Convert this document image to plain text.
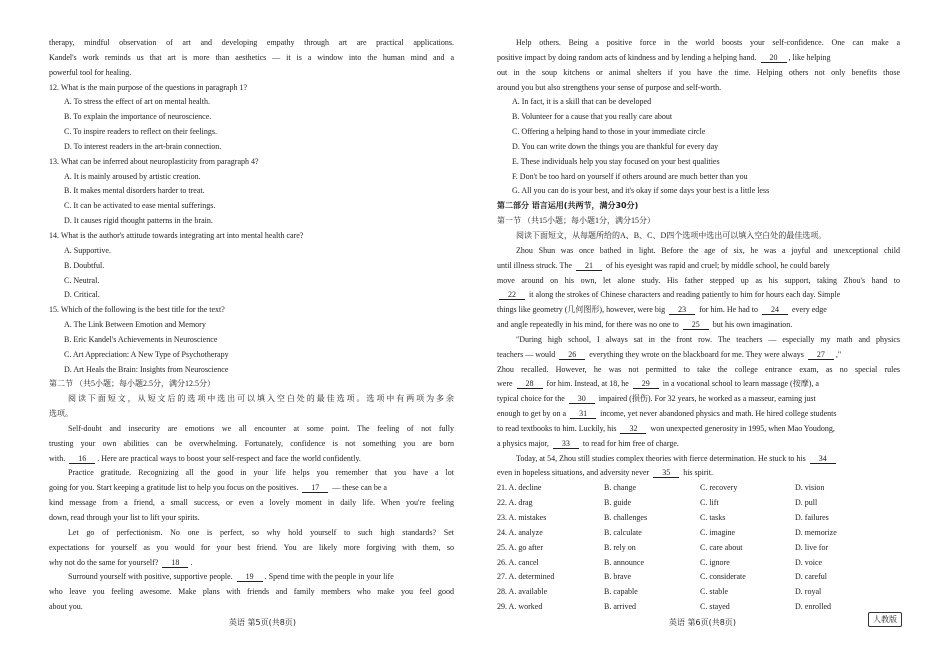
therapy, mindful observation of art and developing empathy through art are practical applications.
Kandel's work reminds us that art is more than aesthetics — it is a window into the human mind and a
powerful tool for healing.
12. What is the main purpose of the questions in paragraph 1?
A. To stress the effect of art on mental health.
B. To explain the importance of neuroscience.
C. To inspire readers to reflect on their feelings.
D. To interest readers in the art-brain connection.
13. What can be inferred about neuroplasticity from paragraph 4?
A. It is mainly aroused by artistic creation.
B. It makes mental disorders harder to treat.
C. It can be activated to ease mental sufferings.
D. It causes rigid thought patterns in the brain.
14. What is the author's attitude towards integrating art into mental health care?
A. Supportive.
B. Doubtful.
C. Neutral.
D. Critical.
15. Which of the following is the best title for the text?
A. The Link Between Emotion and Memory
B. Eric Kandel's Achievements in Neuroscience
C. Art Appreciation: A New Type of Psychotherapy
D. Art Heals the Brain: Insights from Neuroscience
第二节 （共5小题；每小题2.5分，满分12.5分）
阅读下面短文，从短文后的选项中选出可以填入空白处的最佳选项。选项中有两项为多余
选项。
Self-doubt and insecurity are emotions we all encounter at some point. The feeling of not fully
trusting your own abilities can be overwhelming. Fortunately, confidence is not something you are born
with. 16 . Here are practical ways to boost your self-respect and face the world confidently.
Practice gratitude. Recognizing all the good in your life helps you remember that you have a lot
going for you. Start keeping a gratitude list to help you focus on the positives. 17 — these can be a
kind message from a friend, a small success, or even a lovely moment in daily life. When you're feeling
down, read through your list to lift your spirits.
Let go of perfectionism. No one is perfect, so why hold yourself to such high standards? Set
expectations for yourself as you would for your best friend. You are likely more forgiving with them, so
why not do the same for yourself? 18 .
Surround yourself with positive, supportive people. 19 . Spend time with the people in your life
who leave you feeling awesome. Make plans with friends and family members who make you feel good
about you.
Help others. Being a positive force in the world boosts your self-confidence. One can make a
positive impact by doing random acts of kindness and by lending a helping hand. 20 , like helping
out in the soup kitchens or animal shelters if you have the time. Helping others not only benefits those
around you but also strengthens your sense of purpose and self-worth.
A. In fact, it is a skill that can be developed
B. Volunteer for a cause that you really care about
C. Offering a helping hand to those in your immediate circle
D. You can write down the things you are thankful for every day
E. These individuals help you stay focused on your best qualities
F. Don't be too hard on yourself if others around are much better than you
G. All you can do is your best, and it's okay if some days your best is a little less
第二部分 语言运用(共两节，满分30分)
第一节 （共15小题；每小题1分，满分15分）
阅读下面短文，从每题所给的A、B、C、D四个选项中选出可以填入空白处的最佳选项。
Zhou Shun was once bathed in light. Before the age of six, he was a joyful and unexceptional child
until illness struck. The 21 of his eyesight was rapid and cruel; by middle school, he could barely
move around on his own, let alone study. His father stepped up as his support, taking Zhou's hand to
22 it along the strokes of Chinese characters and reading patiently to him for hours each day. Simple
things like geometry (几何图形), however, were big 23 for him. He had to 24 every edge
and angle repeatedly in his mind, for there was no one to 25 but his own imagination.
"During high school, I always sat in the front row. The teachers — especially my math and physics
teachers — would 26 everything they wrote on the blackboard for me. They were always 27 ,"
Zhou recalled. However, he was not permitted to take the college entrance exam, as no special rules
were 28 for him. Instead, at 18, he 29 in a vocational school to learn massage (按摩), a
typical choice for the 30 impaired (损伤). For 32 years, he worked as a masseur, earning just
enough to get by on a 31 income, yet never abandoned physics and math. He hired college students
to read textbooks to him. Luckily, his 32 won unexpected generosity in 1995, when Mao Youdong,
a physics major, 33 to read for him free of charge.
Today, at 54, Zhou still studies complex theories with fierce determination. He stuck to his 34
even in hopeless situations, and adversity never 35 his spirit.
21. A. decline	B. change	C. recovery	D. vision
22. A. drag	B. guide	C. lift	D. pull
23. A. mistakes	B. challenges	C. tasks	D. failures
24. A. analyze	B. calculate	C. imagine	D. memorize
25. A. go after	B. rely on	C. care about	D. live for
26. A. cancel	B. announce	C. ignore	D. voice
27. A. determined	B. brave	C. considerate	D. careful
28. A. available	B. capable	C. stable	D. royal
29. A. worked	B. arrived	C. stayed	D. enrolled
英语 第5页(共8页)	英语 第6页(共8页)	人教版
